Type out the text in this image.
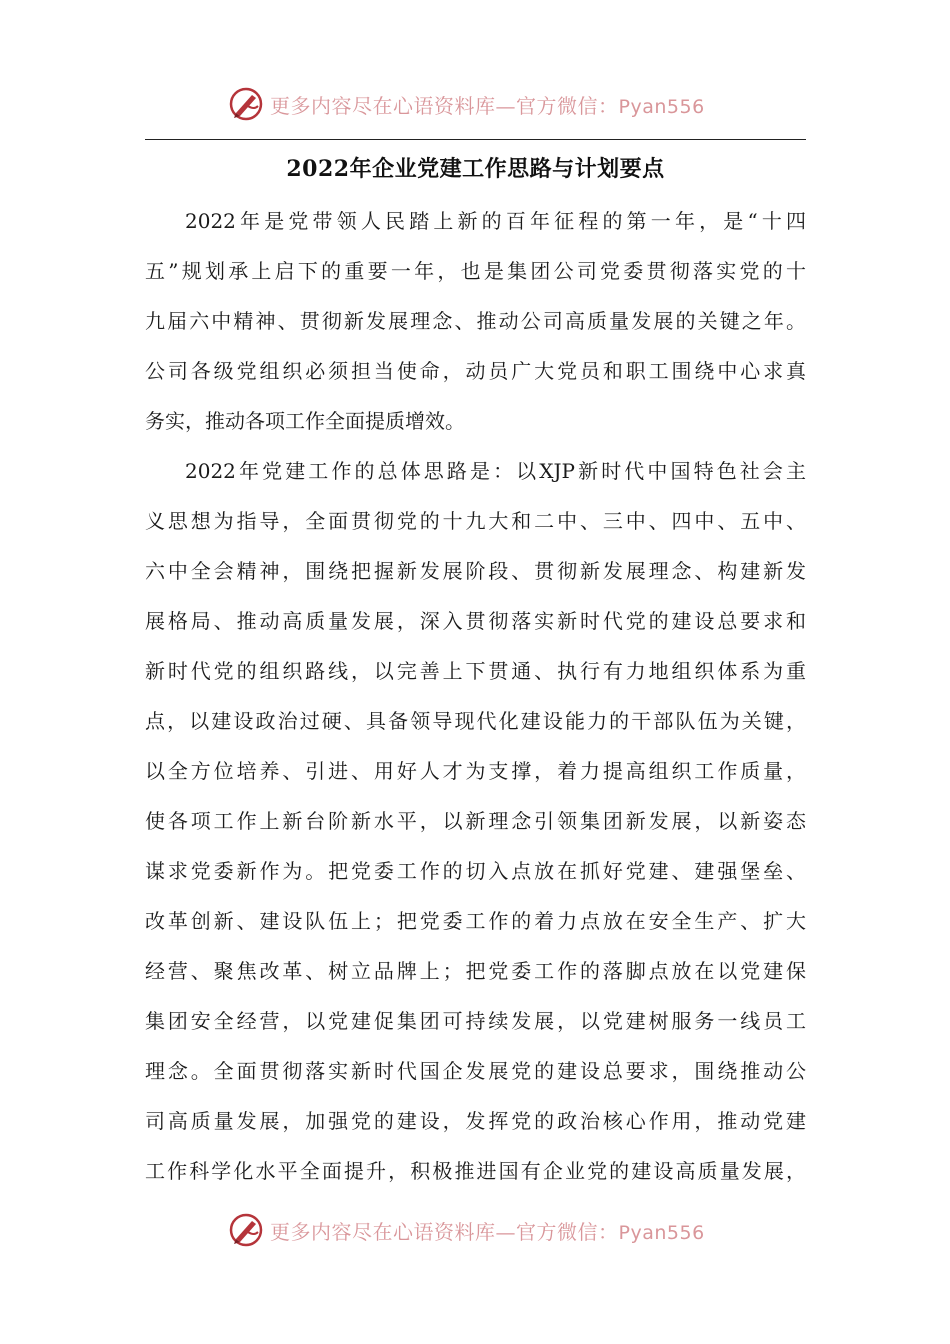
更多内容尽在心语资料库—官方微信：Pyan556
2022年企业党建工作思路与计划要点
2022年是党带领人民踏上新的百年征程的第一年，是“十四
五”规划承上启下的重要一年，也是集团公司党委贯彻落实党的十
九届六中精神、贯彻新发展理念、推动公司高质量发展的关键之年。
公司各级党组织必须担当使命，动员广大党员和职工围绕中心求真
务实，推动各项工作全面提质增效。
2022年党建工作的总体思路是：以XJP新时代中国特色社会主
义思想为指导，全面贯彻党的十九大和二中、三中、四中、五中、
六中全会精神，围绕把握新发展阶段、贯彻新发展理念、构建新发
展格局、推动高质量发展，深入贯彻落实新时代党的建设总要求和
新时代党的组织路线，以完善上下贯通、执行有力地组织体系为重
点，以建设政治过硬、具备领导现代化建设能力的干部队伍为关键，
以全方位培养、引进、用好人才为支撑，着力提高组织工作质量，
使各项工作上新台阶新水平，以新理念引领集团新发展，以新姿态
谋求党委新作为。把党委工作的切入点放在抓好党建、建强堡垒、
改革创新、建设队伍上；把党委工作的着力点放在安全生产、扩大
经营、聚焦改革、树立品牌上；把党委工作的落脚点放在以党建保
集团安全经营，以党建促集团可持续发展，以党建树服务一线员工
理念。全面贯彻落实新时代国企发展党的建设总要求，围绕推动公
司高质量发展，加强党的建设，发挥党的政治核心作用，推动党建
工作科学化水平全面提升，积极推进国有企业党的建设高质量发展，
更多内容尽在心语资料库—官方微信：Pyan556
